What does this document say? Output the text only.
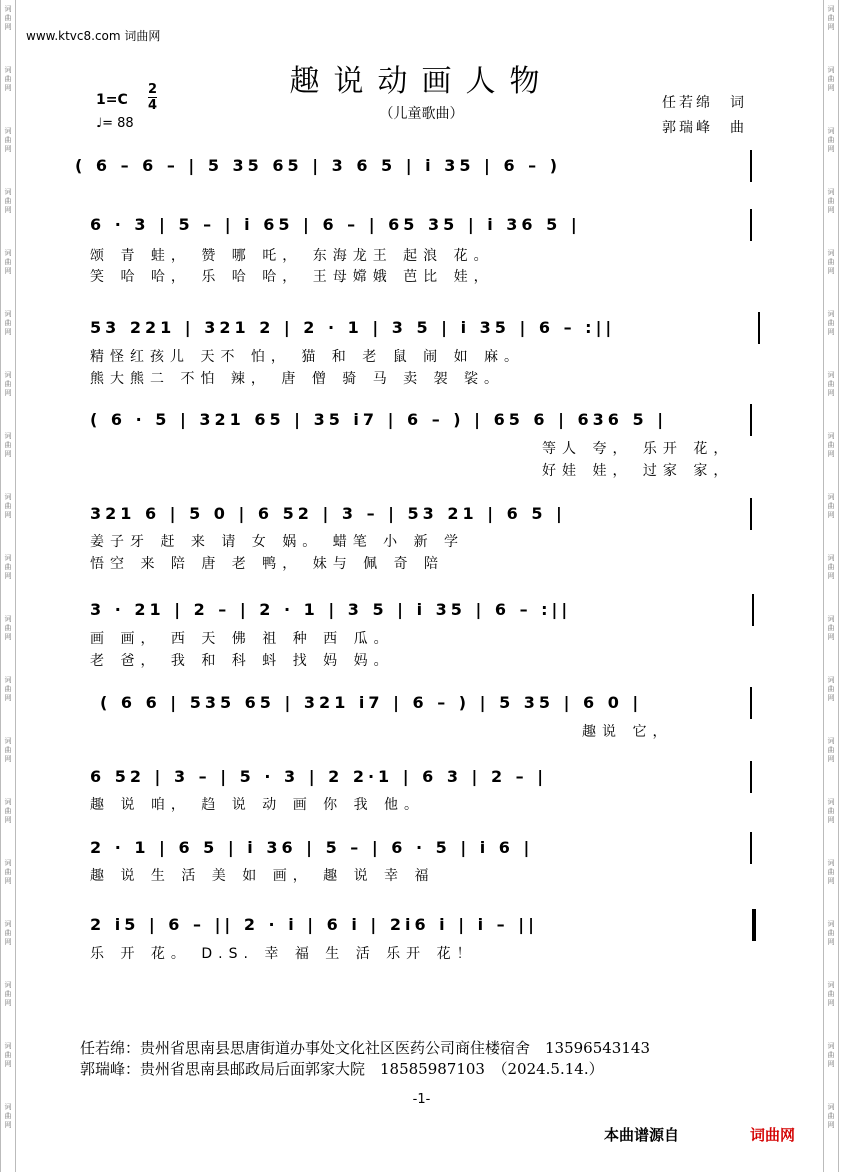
词
曲
网
词
曲
网
词
曲
网
词
曲
网
词
曲
网
词
曲
网
词
曲
网
词
曲
网
词
曲
网
词
曲
网
词
曲
网
词
曲
网
词
曲
网
词
曲
网
词
曲
网
词
曲
网
词
曲
网
词
曲
网
词
曲
网
词
曲
网
词
曲
网
词
曲
网
词
曲
网
词
曲
网
词
曲
网
词
曲
网
词
曲
网
词
曲
网
词
曲
网
词
曲
网
词
曲
网
词
曲
网
词
曲
网
词
曲
网
词
曲
网
词
曲
网
词
曲
网
词
曲
网
www.ktvc8.com 词曲网
趣说动画人物
（儿童歌曲）
任若绵　词
郭瑞峰　曲
1=C
2
4
♩= 88
( 6 – 6 – | 5 35 65 | 3 6 5 | i 35 | 6 – )
6 · 3 | 5 – | i 65 | 6 – | 65 35 | i 36 5 |
颂 青 蛙， 赞 哪 吒， 东海龙王 起浪 花。
笑 哈 哈， 乐 哈 哈， 王母嫦娥 芭比 娃，
53 221 | 321 2 | 2 · 1 | 3 5 | i 35 | 6 – :||
精怪红孩儿 天不 怕， 猫 和 老 鼠 闹 如 麻。
熊大熊二 不怕 辣， 唐 僧 骑 马 卖 袈 裟。
( 6 · 5 | 321 65 | 35 i7 | 6 – ) | 65 6 | 636 5 |
等人 夸， 乐开 花，
好娃 娃， 过家 家，
321 6 | 5 0 | 6 52 | 3 – | 53 21 | 6 5 |
姜子牙 赶 来 请 女 娲。 蜡笔 小 新 学
悟空 来 陪 唐 老 鸭， 妹与 佩 奇 陪
3 · 21 | 2 – | 2 · 1 | 3 5 | i 35 | 6 – :||
画 画， 西 天 佛 祖 种 西 瓜。
老 爸， 我 和 科 蚪 找 妈 妈。
( 6 6 | 535 65 | 321 i7 | 6 – ) | 5 35 | 6 0 |
趣说 它，
6 52 | 3 – | 5 · 3 | 2 2·1 | 6 3 | 2 – |
趣 说 咱， 趋 说 动 画 你 我 他。
2 · 1 | 6 5 | i 36 | 5 – | 6 · 5 | i 6 |
趣 说 生 活 美 如 画， 趣 说 幸 福
2 i5 | 6 – || 2 · i | 6 i | 2i6 i | i – ||
乐 开 花。 D.S. 幸 福 生 活 乐开 花！
任若绵：贵州省思南县思唐街道办事处文化社区医药公司商住楼宿舍　13596543143
郭瑞峰：贵州省思南县邮政局后面郭家大院　18585987103　（2024.5.14.）
-1-
本曲谱源自	词曲网
